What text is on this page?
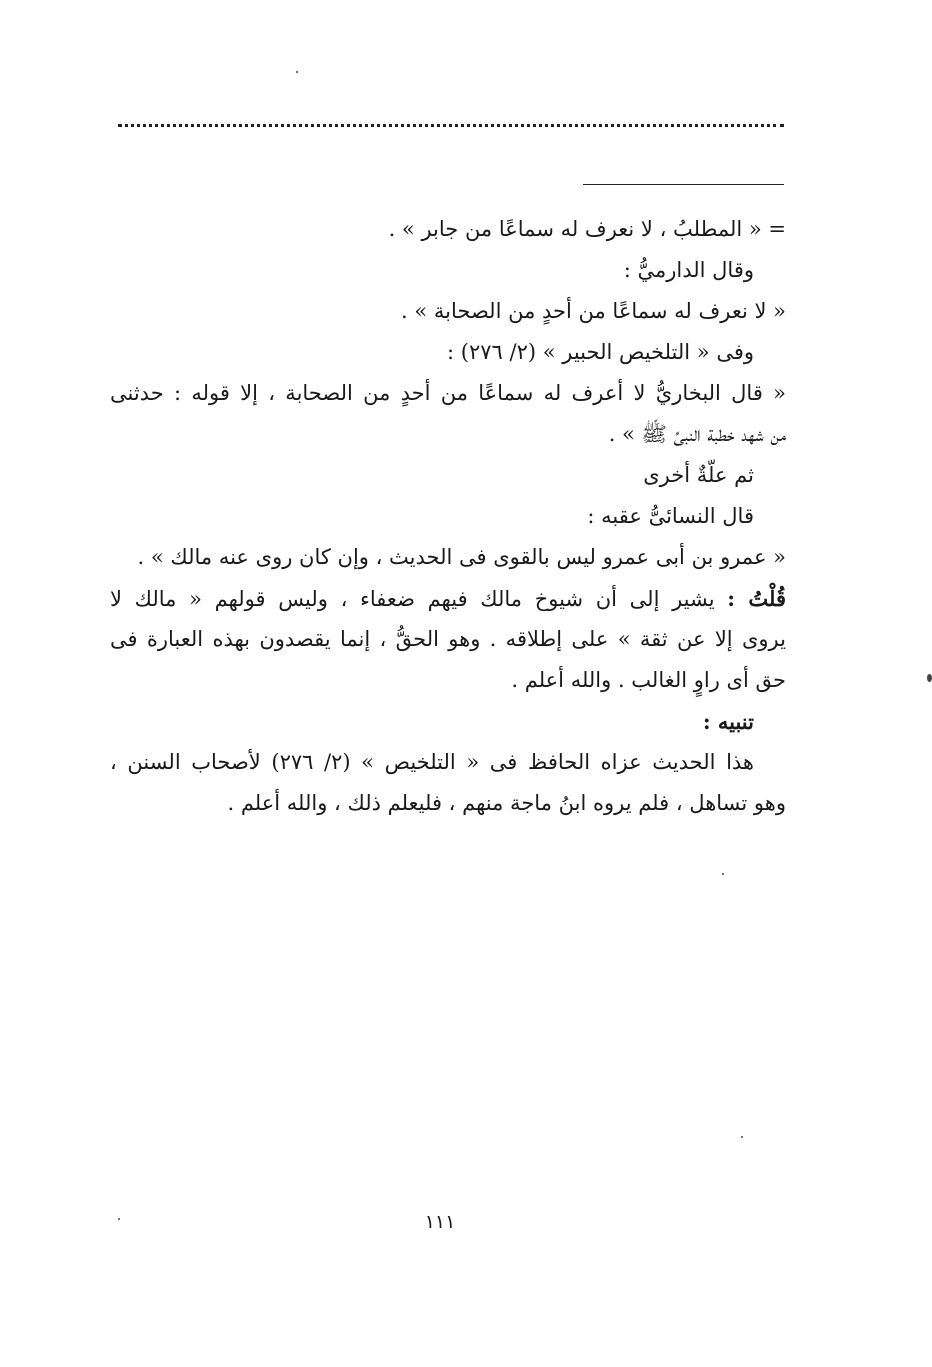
= « المطلبُ ، لا نعرف له سماعًا من جابر » .
وقال الدارميُّ :
« لا نعرف له سماعًا من أحدٍ من الصحابة » .
وفى « التلخيص الحبير » (٢/ ٢٧٦) :
« قال البخاريُّ لا أعرف له سماعًا من أحدٍ من الصحابة ، إلا قوله : حدثنى
من شهد خطبة النبىِّ ﷺ » .
ثم علّةٌ أخرى
قال النسائىُّ عقبه :
« عمرو بن أبى عمرو ليس بالقوى فى الحديث ، وإن كان روى عنه مالك » .
قُلْتُ : يشير إلى أن شيوخ مالك فيهم ضعفاء ، وليس قولهم « مالك لا
يروى إلا عن ثقة » على إطلاقه . وهو الحقُّ ، إنما يقصدون بهذه العبارة فى
حق أى راوٍ الغالب . والله أعلم .
تنبيه :
هذا الحديث عزاه الحافظ فى « التلخيص » (٢/ ٢٧٦) لأصحاب السنن ،
وهو تساهل ، فلم يروه ابنُ ماجة منهم ، فليعلم ذلك ، والله أعلم .
١١١
